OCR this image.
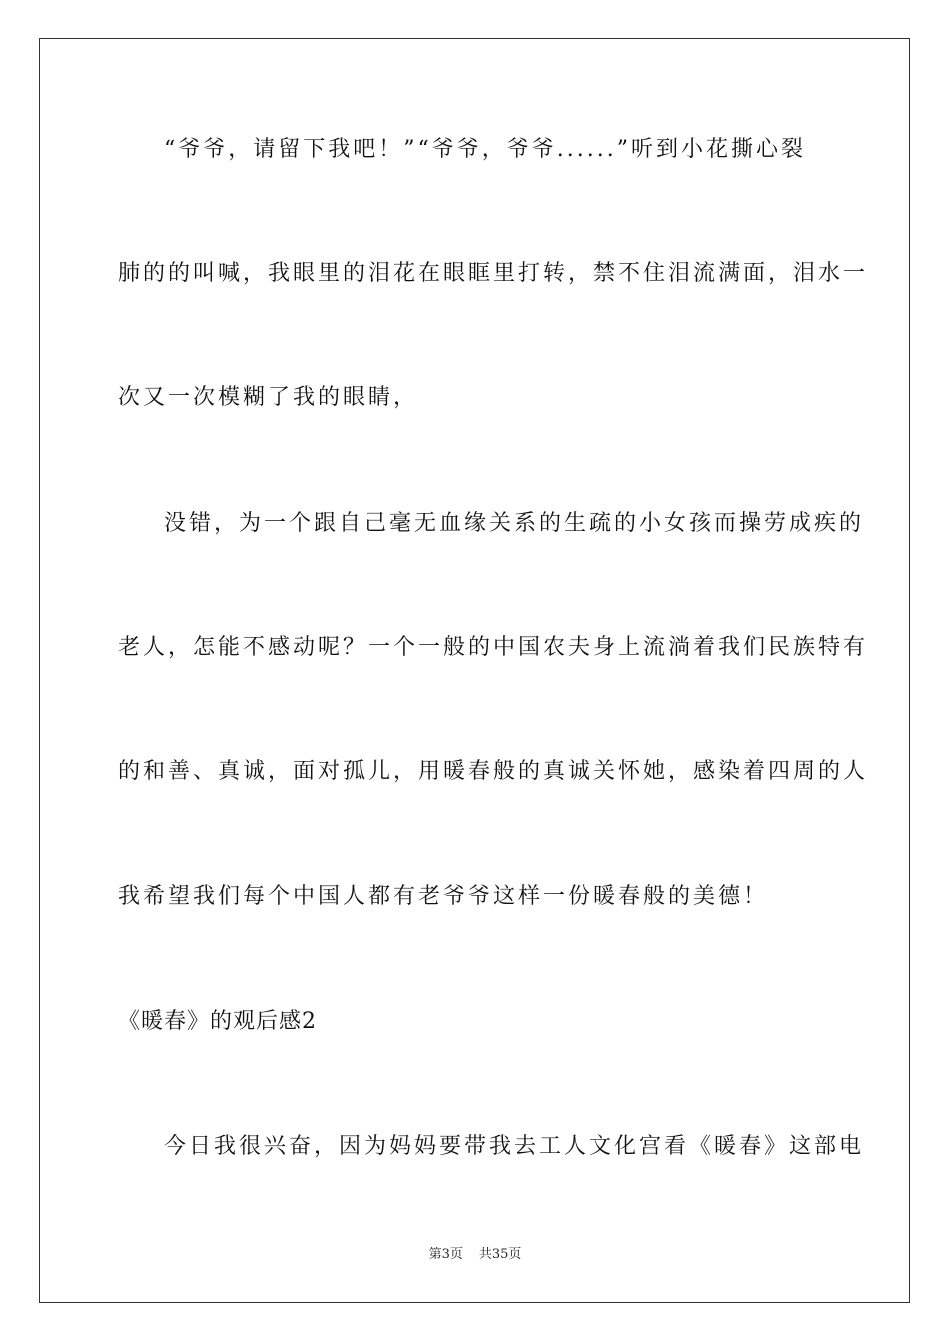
“爷爷，请留下我吧！”“爷爷，爷爷......”听到小花撕心裂
肺的的叫喊，我眼里的泪花在眼眶里打转，禁不住泪流满面，泪水一
次又一次模糊了我的眼睛，
没错，为一个跟自己毫无血缘关系的生疏的小女孩而操劳成疾的
老人，怎能不感动呢？一个一般的中国农夫身上流淌着我们民族特有
的和善、真诚，面对孤儿，用暖春般的真诚关怀她，感染着四周的人
我希望我们每个中国人都有老爷爷这样一份暖春般的美德！
《暖春》的观后感2
今日我很兴奋，因为妈妈要带我去工人文化宫看《暖春》这部电
第3页 共35页
